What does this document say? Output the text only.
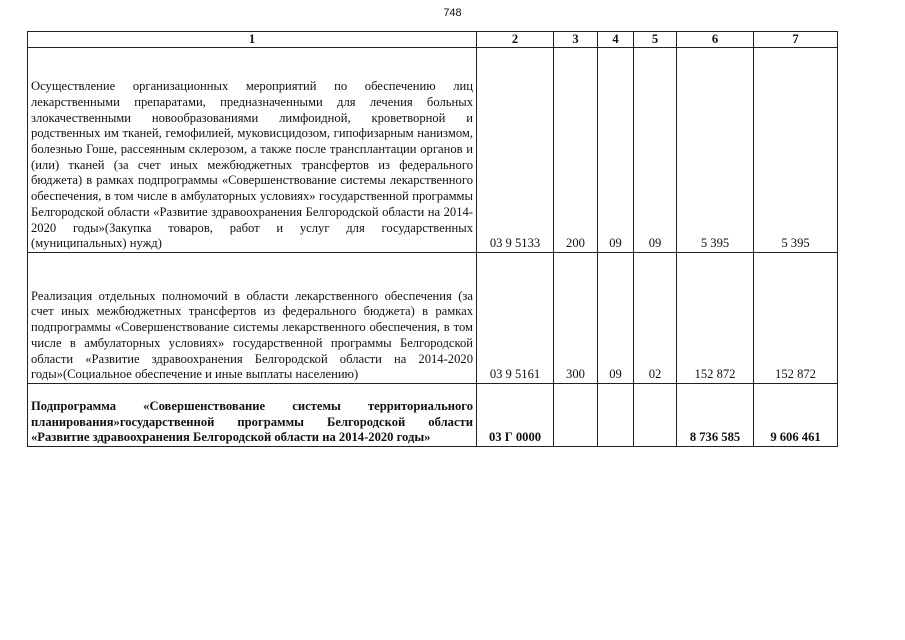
748
1	2	3	4	5	6	7
Осуществление организационных мероприятий по обеспечению лиц лекарственными препаратами, предназначенными для лечения больных злокачественными новообразованиями лимфоидной, кроветворной и родственных им тканей, гемофилией, муковисцидозом, гипофизарным нанизмом, болезнью Гоше, рассеянным склерозом, а также после трансплантации органов и (или) тканей (за счет иных межбюджетных трансфертов из федерального бюджета) в рамках подпрограммы «Совершенствование системы лекарственного обеспечения, в том числе в амбулаторных условиях» государственной программы Белгородской области «Развитие здравоохранения Белгородской области на 2014-2020 годы»(Закупка товаров, работ и услуг для государственных (муниципальных) нужд)	03 9 5133	200	09	09	5 395	5 395
Реализация отдельных полномочий в области лекарственного обеспечения (за счет иных межбюджетных трансфертов из федерального бюджета) в рамках подпрограммы «Совершенствование системы лекарственного обеспечения, в том числе в амбулаторных условиях» государственной программы Белгородской области «Развитие здравоохранения Белгородской области на 2014-2020 годы»(Социальное обеспечение и иные выплаты населению)	03 9 5161	300	09	02	152 872	152 872
Подпрограмма «Совершенствование системы территориального планирования»государственной программы Белгородской области «Развитие здравоохранения Белгородской области на 2014-2020 годы»	03 Г 0000				8 736 585	9 606 461
